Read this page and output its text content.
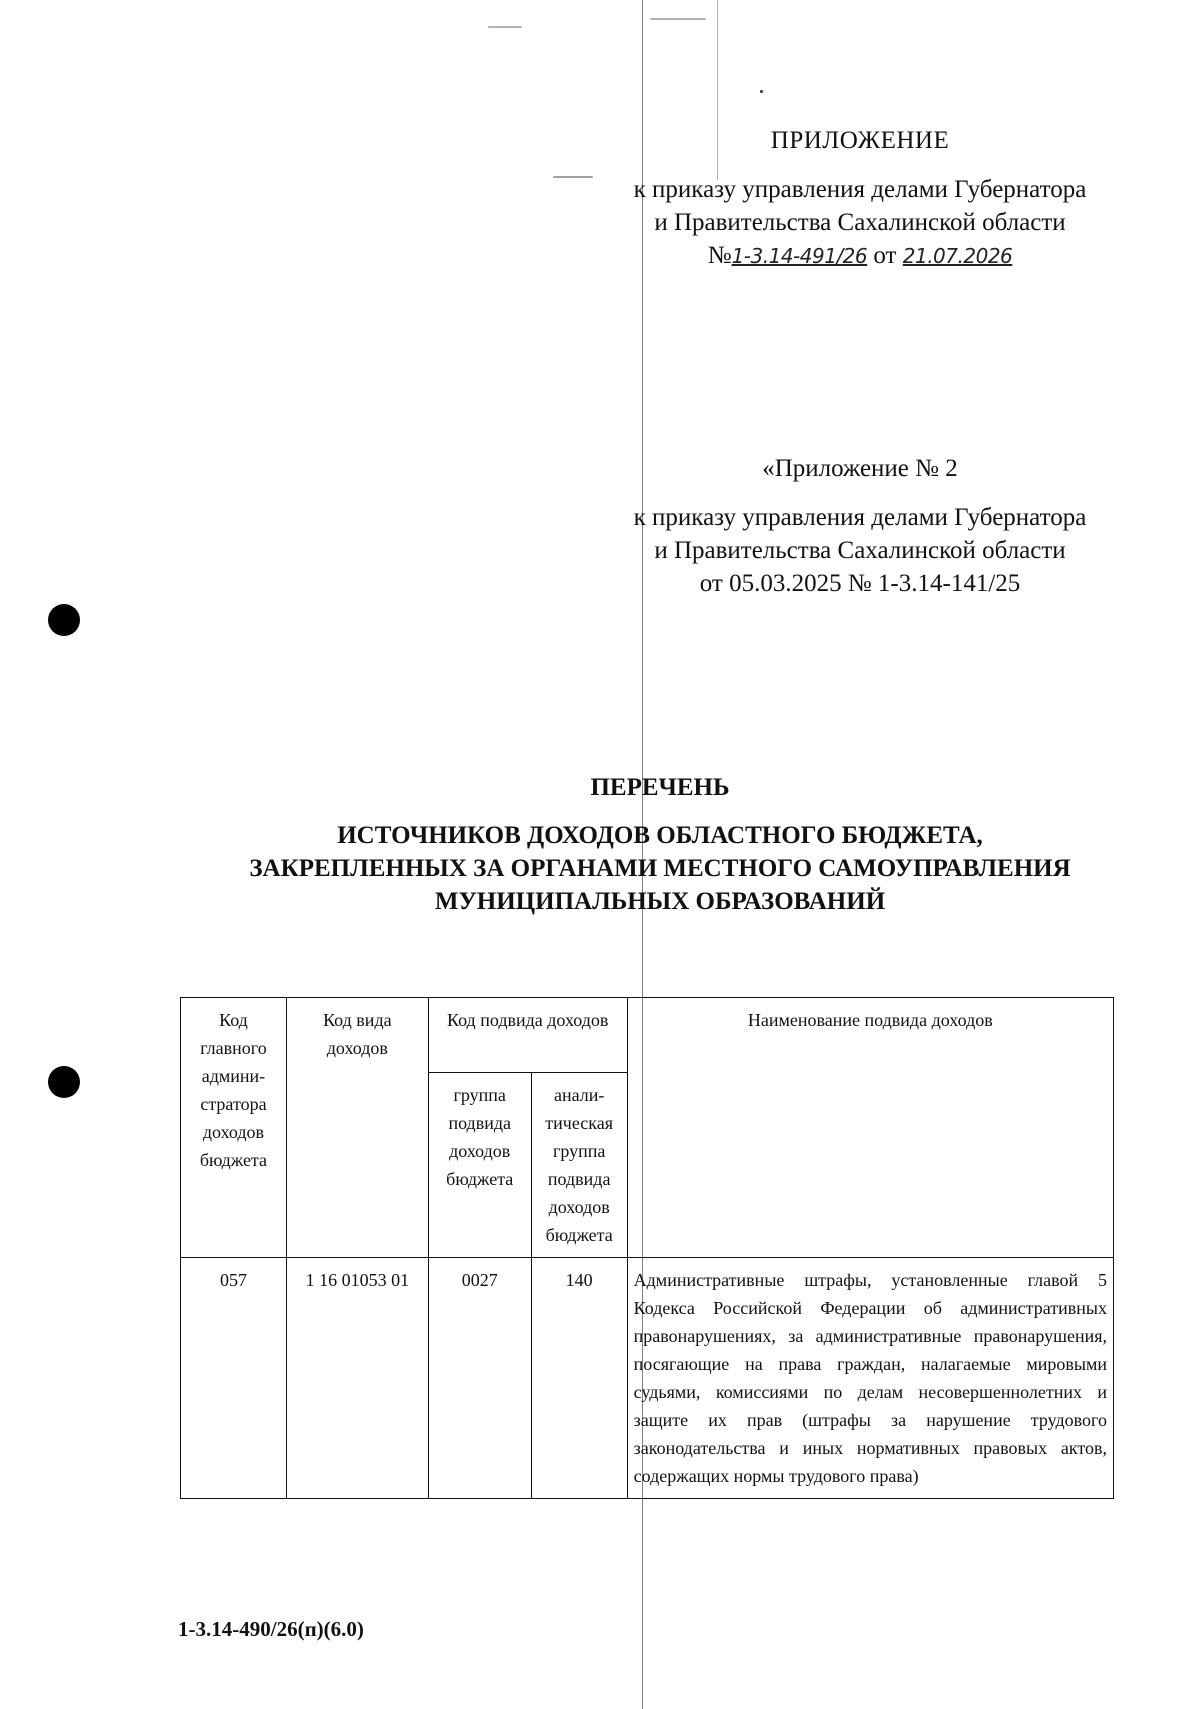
ПРИЛОЖЕНИЕ
к приказу управления делами Губернатора
и Правительства Сахалинской области
№1-3.14-491/26 от 21.07.2026
«Приложение № 2
к приказу управления делами Губернатора
и Правительства Сахалинской области
от 05.03.2025 № 1-3.14-141/25
ПЕРЕЧЕНЬ
ИСТОЧНИКОВ ДОХОДОВ ОБЛАСТНОГО БЮДЖЕТА,
ЗАКРЕПЛЕННЫХ ЗА ОРГАНАМИ МЕСТНОГО САМОУПРАВЛЕНИЯ
МУНИЦИПАЛЬНЫХ ОБРАЗОВАНИЙ
Код главного админи-стратора доходов бюджета	Код вида доходов	Код подвида доходов		Наименование подвида доходов
		группа подвида доходов бюджета	анали-тическая группа подвида доходов бюджета	
057	1 16 01053 01	0027	140	Административные штрафы, установленные главой 5 Кодекса Российской Федерации об административных правонарушениях, за административные правонарушения, посягающие на права граждан, налагаемые мировыми судьями, комиссиями по делам несовершеннолетних и защите их прав (штрафы за нарушение трудового законодательства и иных нормативных правовых актов, содержащих нормы трудового права)
1-3.14-490/26(п)(6.0)
